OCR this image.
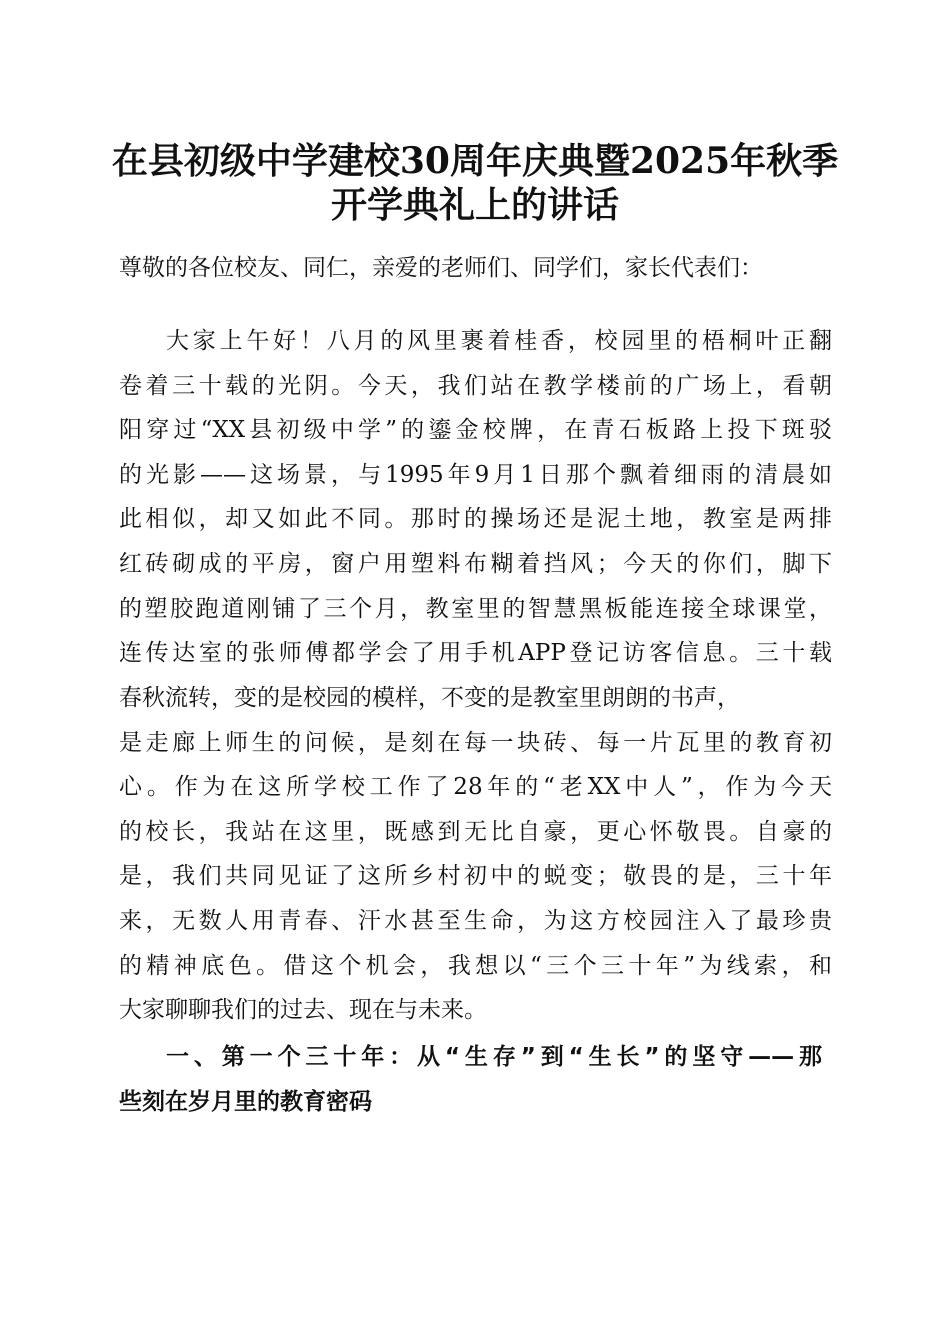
在县初级中学建校30周年庆典暨2025年秋季
开学典礼上的讲话
尊敬的各位校友、同仁，亲爱的老师们、同学们，家长代表们：
大家上午好！八月的风里裹着桂香，校园里的梧桐叶正翻
卷着三十载的光阴。今天，我们站在教学楼前的广场上，看朝
阳穿过“XX县初级中学”的鎏金校牌，在青石板路上投下斑驳
的光影——这场景，与1995年9月1日那个飘着细雨的清晨如
此相似，却又如此不同。那时的操场还是泥土地，教室是两排
红砖砌成的平房，窗户用塑料布糊着挡风；今天的你们，脚下
的塑胶跑道刚铺了三个月，教室里的智慧黑板能连接全球课堂，
连传达室的张师傅都学会了用手机APP登记访客信息。三十载
春秋流转，变的是校园的模样，不变的是教室里朗朗的书声，
是走廊上师生的问候，是刻在每一块砖、每一片瓦里的教育初
心。作为在这所学校工作了28年的“老XX中人”，作为今天
的校长，我站在这里，既感到无比自豪，更心怀敬畏。自豪的
是，我们共同见证了这所乡村初中的蜕变；敬畏的是，三十年
来，无数人用青春、汗水甚至生命，为这方校园注入了最珍贵
的精神底色。借这个机会，我想以“三个三十年”为线索，和
大家聊聊我们的过去、现在与未来。
一、第一个三十年：从“生存”到“生长”的坚守——那
些刻在岁月里的教育密码
